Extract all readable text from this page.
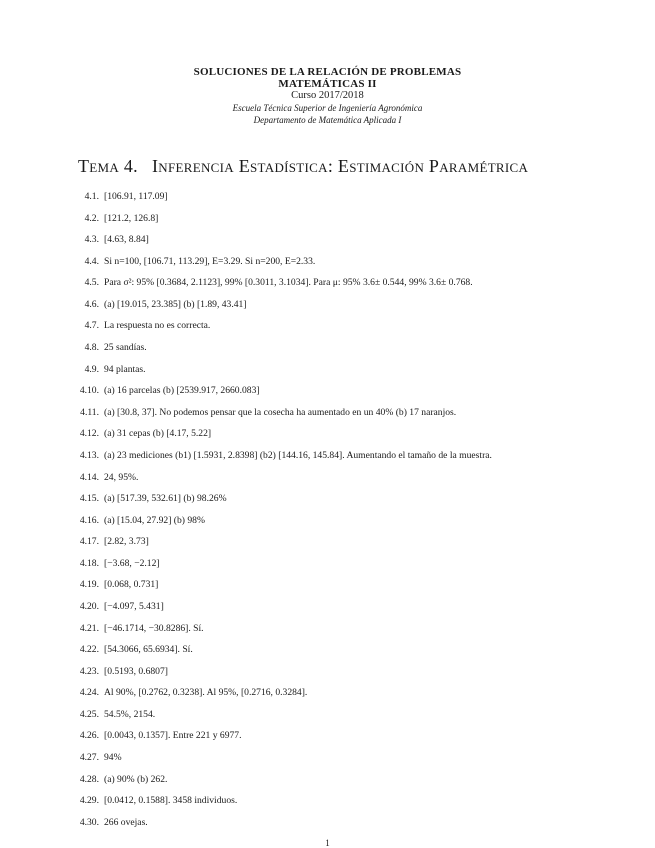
SOLUCIONES DE LA RELACIÓN DE PROBLEMAS
MATEMÁTICAS II
Curso 2017/2018
Escuela Técnica Superior de Ingeniería Agronómica
Departamento de Matemática Aplicada I
Tema 4. Inferencia Estadística: Estimación Paramétrica
4.1. [106.91, 117.09]
4.2. [121.2, 126.8]
4.3. [4.63, 8.84]
4.4. Si n=100, [106.71, 113.29], E=3.29. Si n=200, E=2.33.
4.5. Para σ²: 95% [0.3684, 2.1123], 99% [0.3011, 3.1034]. Para μ: 95% 3.6± 0.544, 99% 3.6± 0.768.
4.6. (a) [19.015, 23.385] (b) [1.89, 43.41]
4.7. La respuesta no es correcta.
4.8. 25 sandías.
4.9. 94 plantas.
4.10. (a) 16 parcelas (b) [2539.917, 2660.083]
4.11. (a) [30.8, 37]. No podemos pensar que la cosecha ha aumentado en un 40% (b) 17 naranjos.
4.12. (a) 31 cepas (b) [4.17, 5.22]
4.13. (a) 23 mediciones (b1) [1.5931, 2.8398] (b2) [144.16, 145.84]. Aumentando el tamaño de la muestra.
4.14. 24, 95%.
4.15. (a) [517.39, 532.61] (b) 98.26%
4.16. (a) [15.04, 27.92] (b) 98%
4.17. [2.82, 3.73]
4.18. [−3.68, −2.12]
4.19. [0.068, 0.731]
4.20. [−4.097, 5.431]
4.21. [−46.1714, −30.8286]. Sí.
4.22. [54.3066, 65.6934]. Sí.
4.23. [0.5193, 0.6807]
4.24. Al 90%, [0.2762, 0.3238]. Al 95%, [0.2716, 0.3284].
4.25. 54.5%, 2154.
4.26. [0.0043, 0.1357]. Entre 221 y 6977.
4.27. 94%
4.28. (a) 90% (b) 262.
4.29. [0.0412, 0.1588]. 3458 individuos.
4.30. 266 ovejas.
1
